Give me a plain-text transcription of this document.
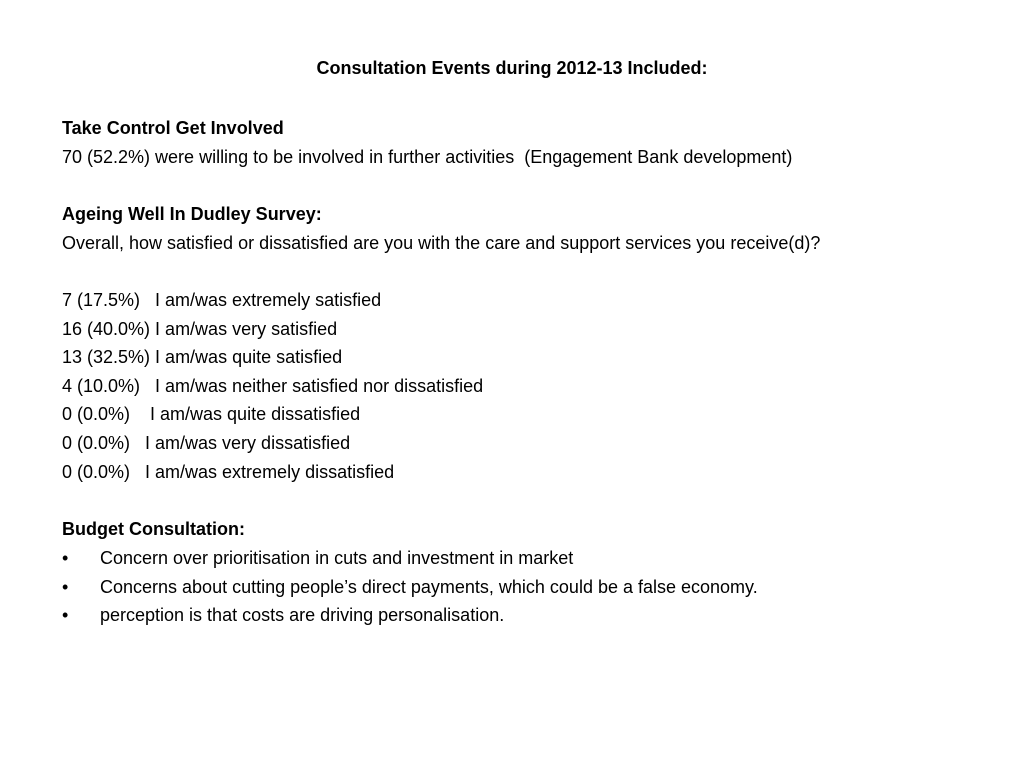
Consultation Events during 2012-13 Included:
Take Control Get Involved
70 (52.2%) were willing to be involved in further activities  (Engagement Bank development)
Ageing Well In Dudley Survey:
Overall, how satisfied or dissatisfied are you with the care and support services you receive(d)?
7 (17.5%)   I am/was extremely satisfied
16 (40.0%) I am/was very satisfied
13 (32.5%) I am/was quite satisfied
4 (10.0%)   I am/was neither satisfied nor dissatisfied
0 (0.0%)    I am/was quite dissatisfied
0 (0.0%)   I am/was very dissatisfied
0 (0.0%)   I am/was extremely dissatisfied
Budget Consultation:

•

Concern over prioritisation in cuts and investment in market

•

Concerns about cutting people’s direct payments, which could be a false economy.

•

perception is that costs are driving personalisation.
